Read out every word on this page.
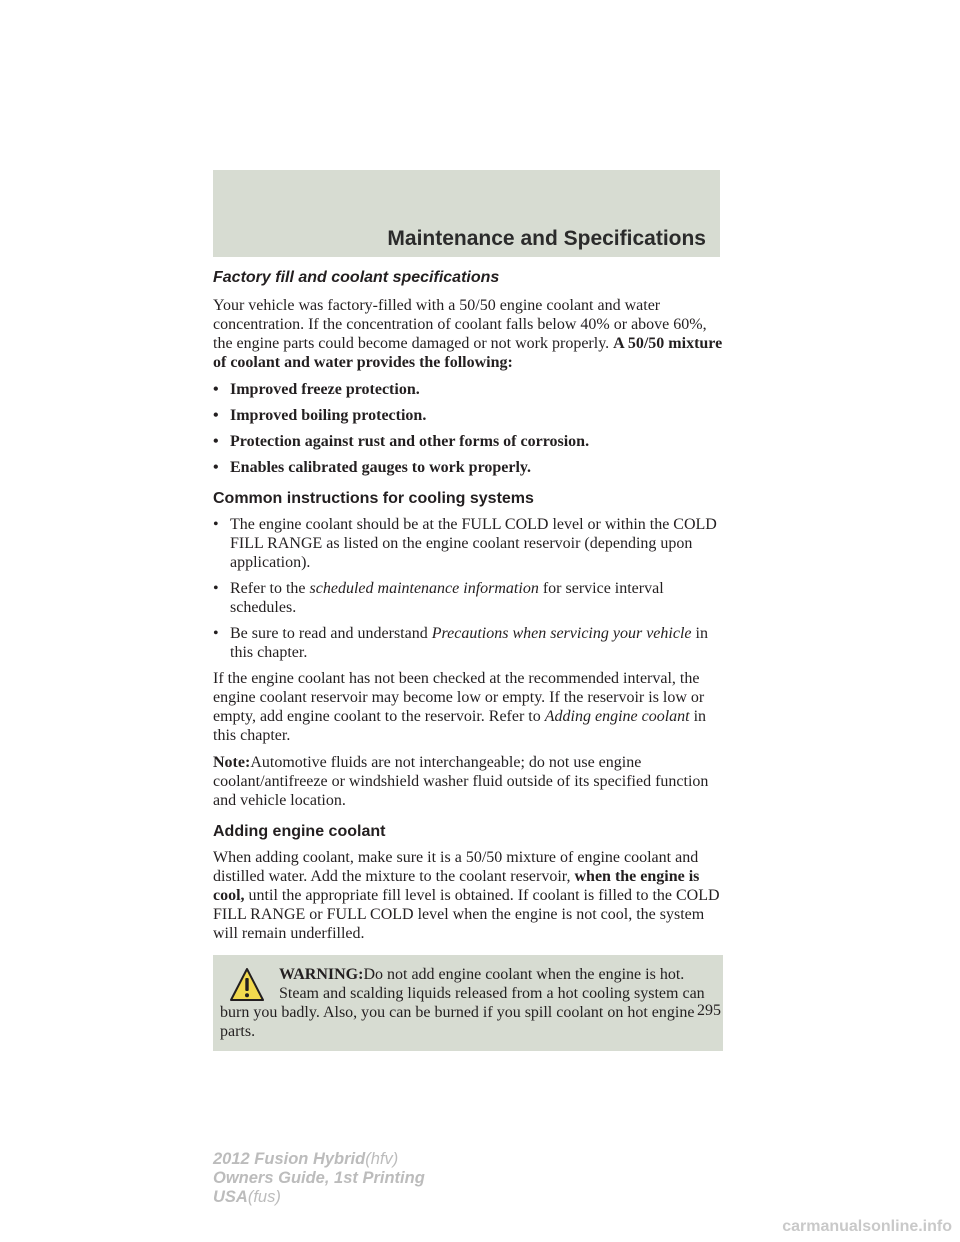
Maintenance and Specifications
Factory fill and coolant specifications

Your vehicle was factory-filled with a 50/50 engine coolant and water concentration. If the concentration of coolant falls below 40% or above 60%, the engine parts could become damaged or not work properly. A 50/50 mixture of coolant and water provides the following:

• Improved freeze protection.
• Improved boiling protection.
• Protection against rust and other forms of corrosion.
• Enables calibrated gauges to work properly.
Common instructions for cooling systems
• The engine coolant should be at the FULL COLD level or within the COLD FILL RANGE as listed on the engine coolant reservoir (depending upon application).
• Refer to the scheduled maintenance information for service interval schedules.
• Be sure to read and understand Precautions when servicing your vehicle in this chapter.

If the engine coolant has not been checked at the recommended interval, the engine coolant reservoir may become low or empty. If the reservoir is low or empty, add engine coolant to the reservoir. Refer to Adding engine coolant in this chapter.

Note:Automotive fluids are not interchangeable; do not use engine coolant/antifreeze or windshield washer fluid outside of its specified function and vehicle location.

Adding engine coolant

When adding coolant, make sure it is a 50/50 mixture of engine coolant and distilled water. Add the mixture to the coolant reservoir, when the engine is cool, until the appropriate fill level is obtained. If coolant is filled to the COLD FILL RANGE or FULL COLD level when the engine is not cool, the system will remain underfilled.

WARNING:Do not add engine coolant when the engine is hot. Steam and scalding liquids released from a hot cooling system can burn you badly. Also, you can be burned if you spill coolant on hot engine parts.
295
2012 Fusion Hybrid(hfv)
Owners Guide, 1st Printing
USA(fus)
carmanualsonline.info
